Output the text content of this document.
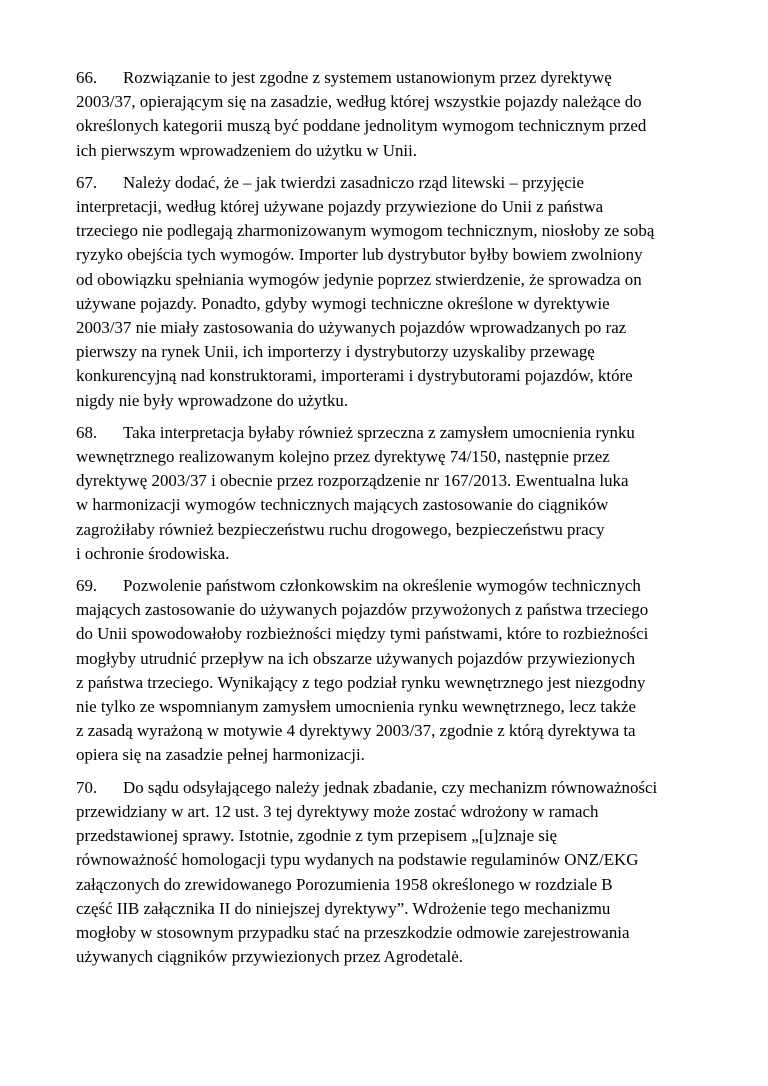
66. Rozwiązanie to jest zgodne z systemem ustanowionym przez dyrektywę
2003/37, opierającym się na zasadzie, według której wszystkie pojazdy należące do
określonych kategorii muszą być poddane jednolitym wymogom technicznym przed
ich pierwszym wprowadzeniem do użytku w Unii.
67. Należy dodać, że – jak twierdzi zasadniczo rząd litewski – przyjęcie
interpretacji, według której używane pojazdy przywiezione do Unii z państwa
trzeciego nie podlegają zharmonizowanym wymogom technicznym, niosłoby ze sobą
ryzyko obejścia tych wymogów. Importer lub dystrybutor byłby bowiem zwolniony
od obowiązku spełniania wymogów jedynie poprzez stwierdzenie, że sprowadza on
używane pojazdy. Ponadto, gdyby wymogi techniczne określone w dyrektywie
2003/37 nie miały zastosowania do używanych pojazdów wprowadzanych po raz
pierwszy na rynek Unii, ich importerzy i dystrybutorzy uzyskaliby przewagę
konkurencyjną nad konstruktorami, importerami i dystrybutorami pojazdów, które
nigdy nie były wprowadzone do użytku.
68. Taka interpretacja byłaby również sprzeczna z zamysłem umocnienia rynku
wewnętrznego realizowanym kolejno przez dyrektywę 74/150, następnie przez
dyrektywę 2003/37 i obecnie przez rozporządzenie nr 167/2013. Ewentualna luka
w harmonizacji wymogów technicznych mających zastosowanie do ciągników
zagrożiłaby również bezpieczeństwu ruchu drogowego, bezpieczeństwu pracy
i ochronie środowiska.
69. Pozwolenie państwom członkowskim na określenie wymogów technicznych
mających zastosowanie do używanych pojazdów przywożonych z państwa trzeciego
do Unii spowodowałoby rozbieżności między tymi państwami, które to rozbieżności
mogłyby utrudnić przepływ na ich obszarze używanych pojazdów przywiezionych
z państwa trzeciego. Wynikający z tego podział rynku wewnętrznego jest niezgodny
nie tylko ze wspomnianym zamysłem umocnienia rynku wewnętrznego, lecz także
z zasadą wyrażoną w motywie 4 dyrektywy 2003/37, zgodnie z którą dyrektywa ta
opiera się na zasadzie pełnej harmonizacji.
70. Do sądu odsyłającego należy jednak zbadanie, czy mechanizm równoważności
przewidziany w art. 12 ust. 3 tej dyrektywy może zostać wdrożony w ramach
przedstawionej sprawy. Istotnie, zgodnie z tym przepisem „[u]znaje się
równoważność homologacji typu wydanych na podstawie regulaminów ONZ/EKG
załączonych do zrewidowanego Porozumienia 1958 określonego w rozdziale B
część IIB załącznika II do niniejszej dyrektywy”. Wdrożenie tego mechanizmu
mogłoby w stosownym przypadku stać na przeszkodzie odmowie zarejestrowania
używanych ciągników przywiezionych przez Agrodetalė.
